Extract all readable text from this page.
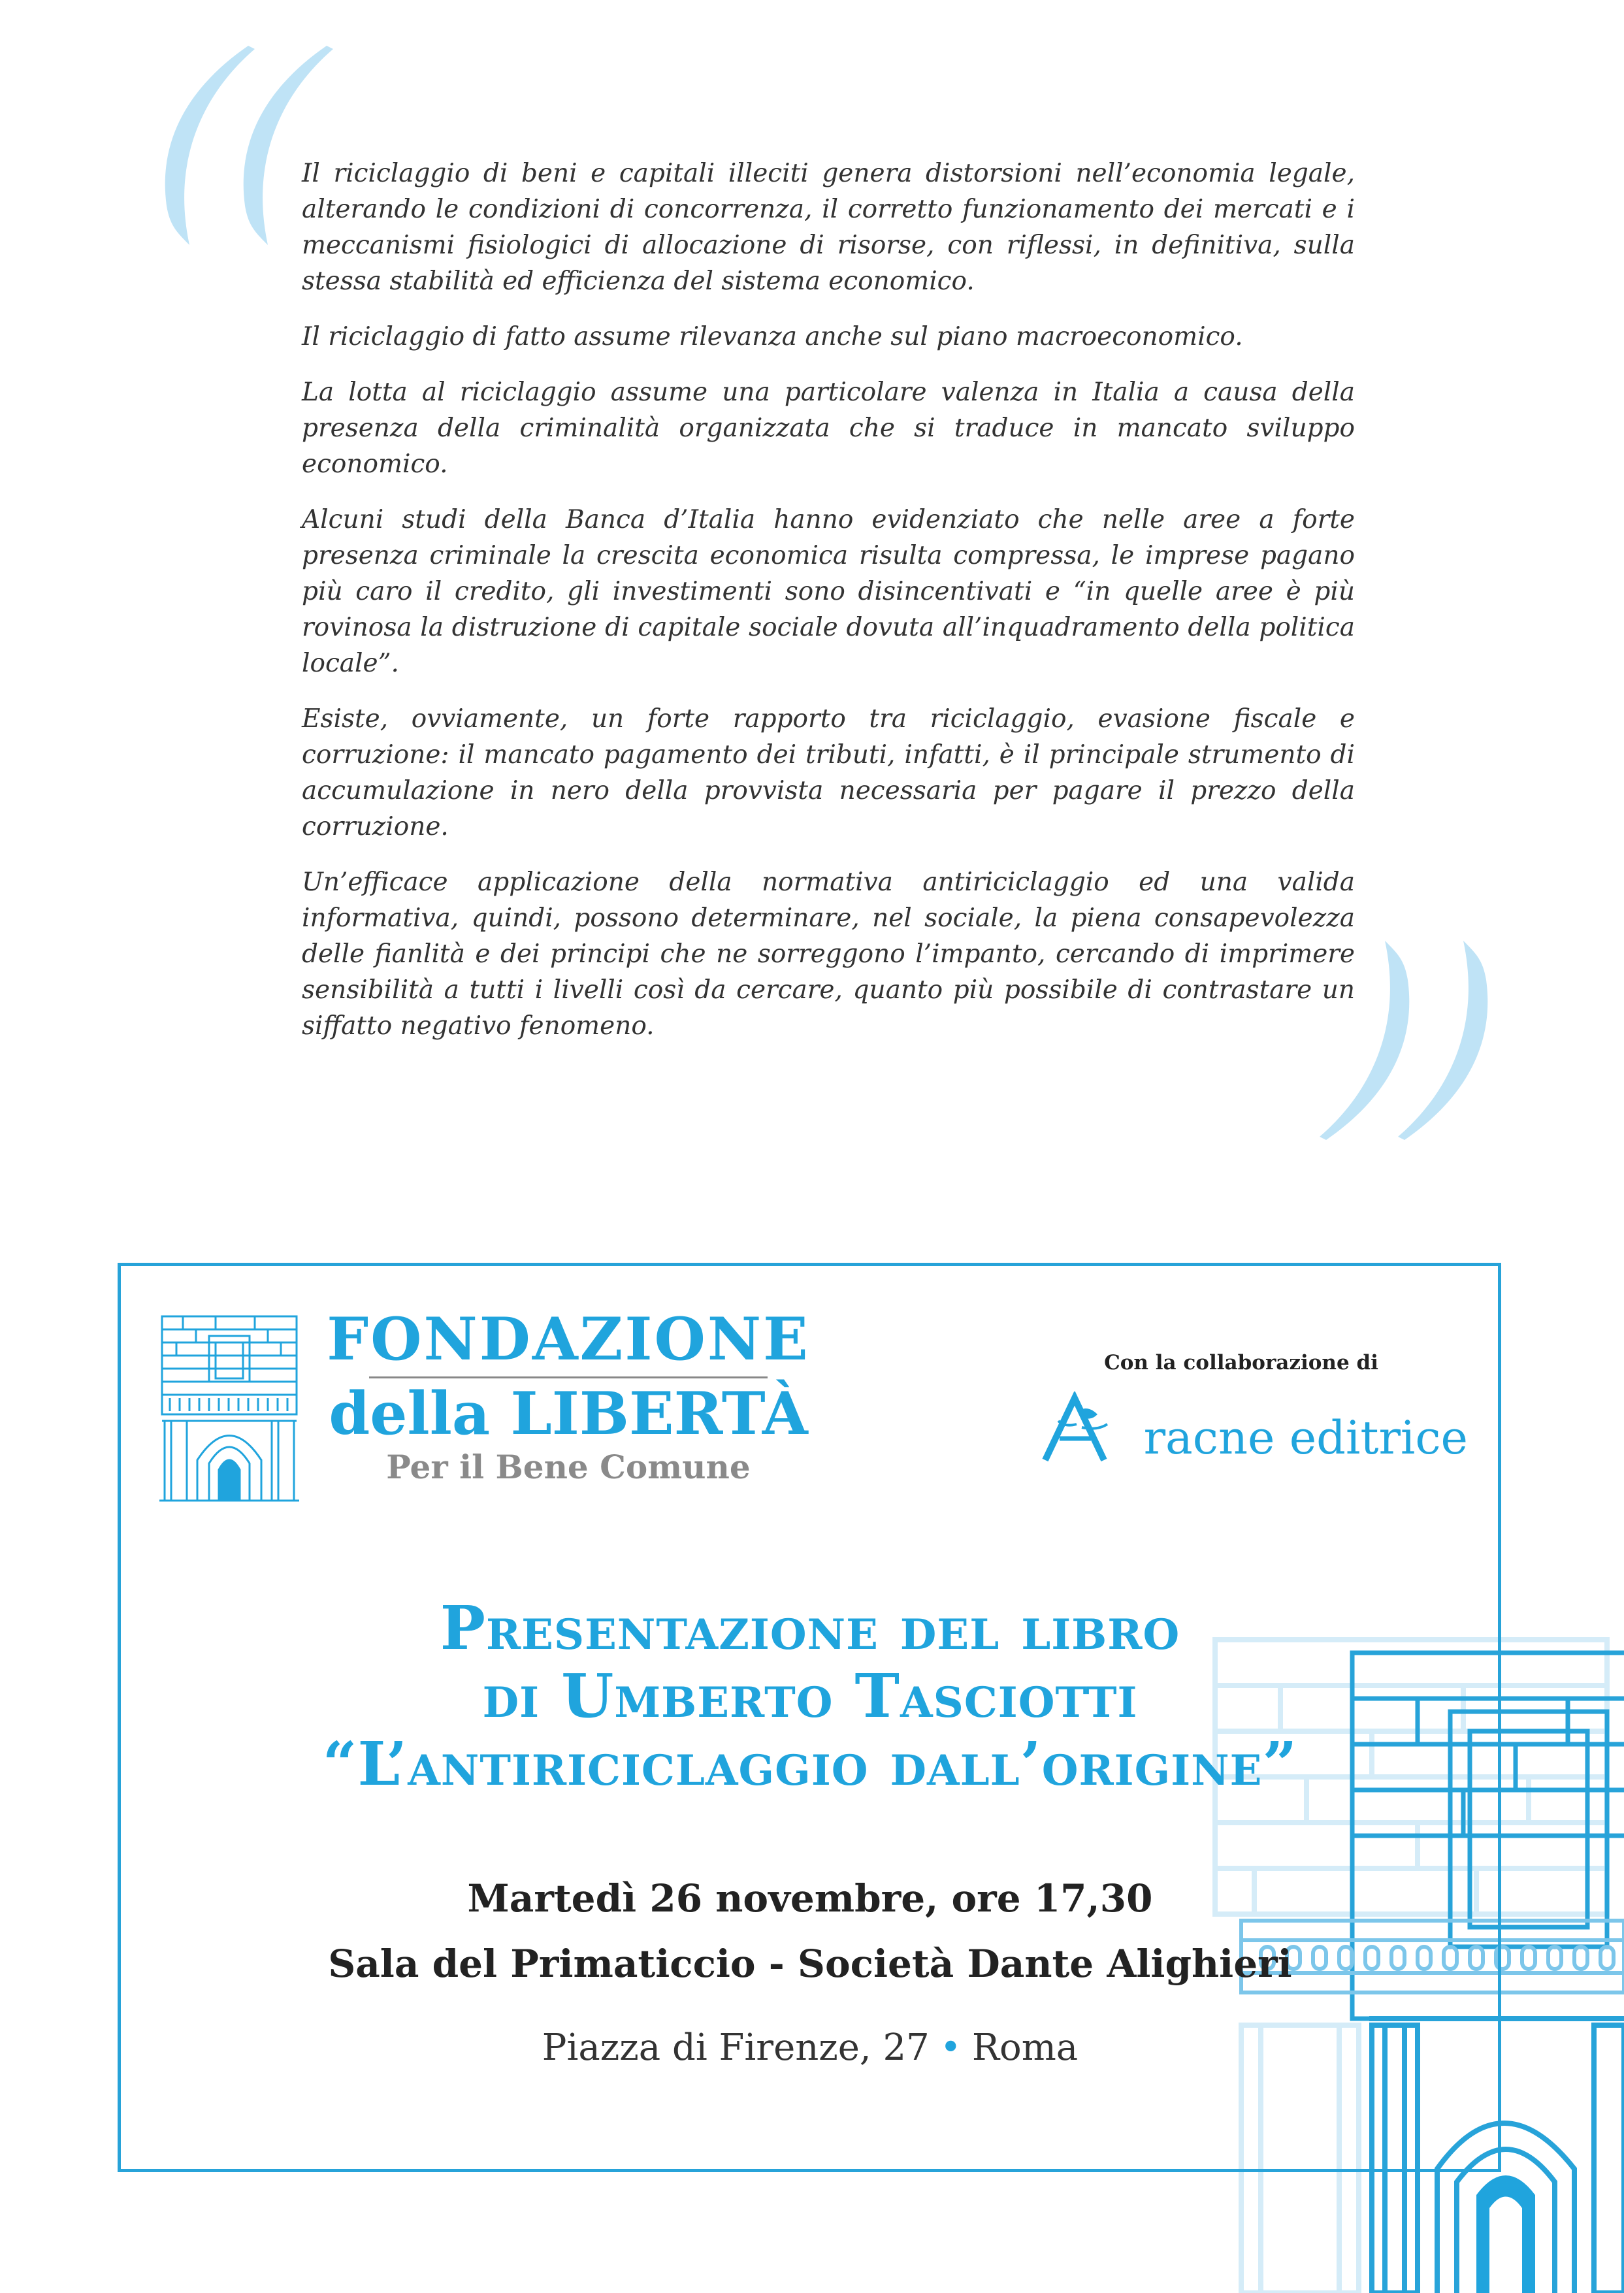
Il riciclaggio di beni e capitali illeciti genera distorsioni nell’economia legale, alterando le condizioni di concorrenza, il corretto funzionamento dei mercati e i meccanismi fisiologici di allocazione di risorse, con riflessi, in definitiva, sulla stessa stabilità ed efficienza del sistema economico.

Il riciclaggio di fatto assume rilevanza anche sul piano macroeconomico.

La lotta al riciclaggio assume una particolare valenza in Italia a causa della presenza della criminalità organizzata che si traduce in mancato sviluppo economico.

Alcuni studi della Banca d’Italia hanno evidenziato che nelle aree a forte presenza criminale la crescita economica risulta compressa, le imprese pagano più caro il credito, gli investimenti sono disincentivati e “in quelle aree è più rovinosa la distruzione di capitale sociale dovuta all’inquadramento della politica locale”.

Esiste, ovviamente, un forte rapporto tra riciclaggio, evasione fiscale e corruzione: il mancato pagamento dei tributi, infatti, è il principale strumento di accumulazione in nero della provvista necessaria per pagare il prezzo della corruzione.

Un’efficace applicazione della normativa antiriciclaggio ed una valida informativa, quindi, possono determinare, nel sociale, la piena consapevolezza delle fianlità e dei principi che ne sorreggono l’impanto, cercando di imprimere sensibilità a tutti i livelli così da cercare, quanto più possibile di contrastare un siffatto negativo fenomeno.

FONDAZIONE
della LIBERTÀ
Per il Bene Comune
Con la collaborazione di
racne editrice
Presentazione del libro
di Umberto Tasciotti
“L’antiriciclaggio dall’origine”
Martedì 26 novembre, ore 17,30
Sala del Primaticcio - Società Dante Alighieri
Piazza di Firenze, 27 • Roma
